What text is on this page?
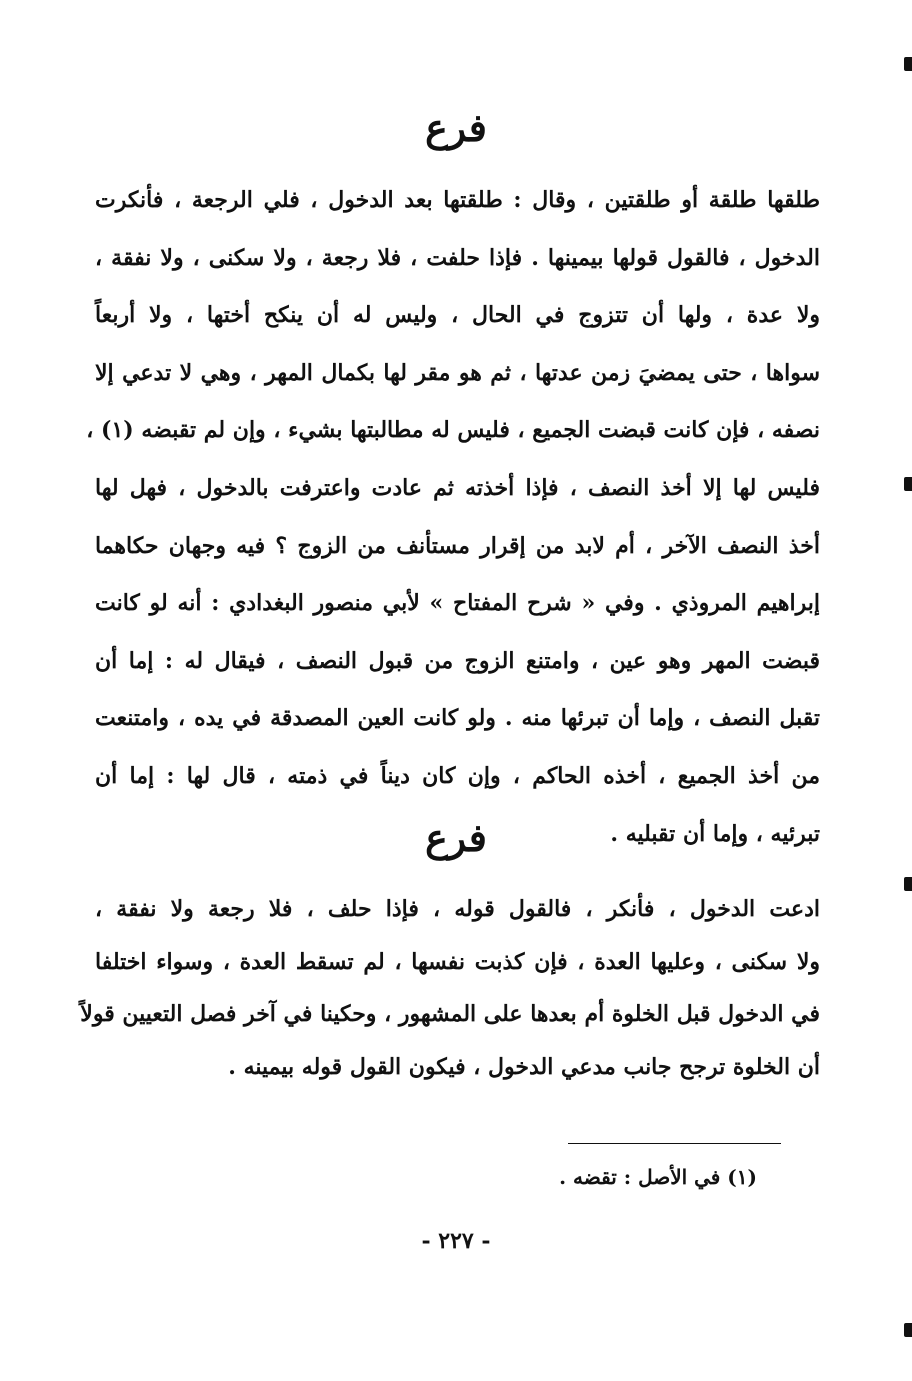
فرع
طلقها طلقة أو طلقتين ، وقال : طلقتها بعد الدخول ، فلي الرجعة ، فأنكرت
الدخول ، فالقول قولها بيمينها . فإذا حلفت ، فلا رجعة ، ولا سكنى ، ولا نفقة ،
ولا عدة ، ولها أن تتزوج في الحال ، وليس له أن ينكح أختها ، ولا أربعاً
سواها ، حتى يمضيَ زمن عدتها ، ثم هو مقر لها بكمال المهر ، وهي لا تدعي إلا
نصفه ، فإن كانت قبضت الجميع ، فليس له مطالبتها بشيء ، وإن لم تقبضه (١) ،
فليس لها إلا أخذ النصف ، فإذا أخذته ثم عادت واعترفت بالدخول ، فهل لها
أخذ النصف الآخر ، أم لابد من إقرار مستأنف من الزوج ؟ فيه وجهان حكاهما
إبراهيم المروذي . وفي « شرح المفتاح » لأبي منصور البغدادي : أنه لو كانت
قبضت المهر وهو عين ، وامتنع الزوج من قبول النصف ، فيقال له : إما أن
تقبل النصف ، وإما أن تبرئها منه . ولو كانت العين المصدقة في يده ، وامتنعت
من أخذ الجميع ، أخذه الحاكم ، وإن كان ديناً في ذمته ، قال لها : إما أن
تبرئيه ، وإما أن تقبليه .
فرع
ادعت الدخول ، فأنكر ، فالقول قوله ، فإذا حلف ، فلا رجعة ولا نفقة ،
ولا سكنى ، وعليها العدة ، فإن كذبت نفسها ، لم تسقط العدة ، وسواء اختلفا
في الدخول قبل الخلوة أم بعدها على المشهور ، وحكينا في آخر فصل التعيين قولاً
أن الخلوة ترجح جانب مدعي الدخول ، فيكون القول قوله بيمينه .
(١) في الأصل : تقضه .
- ٢٢٧ -
